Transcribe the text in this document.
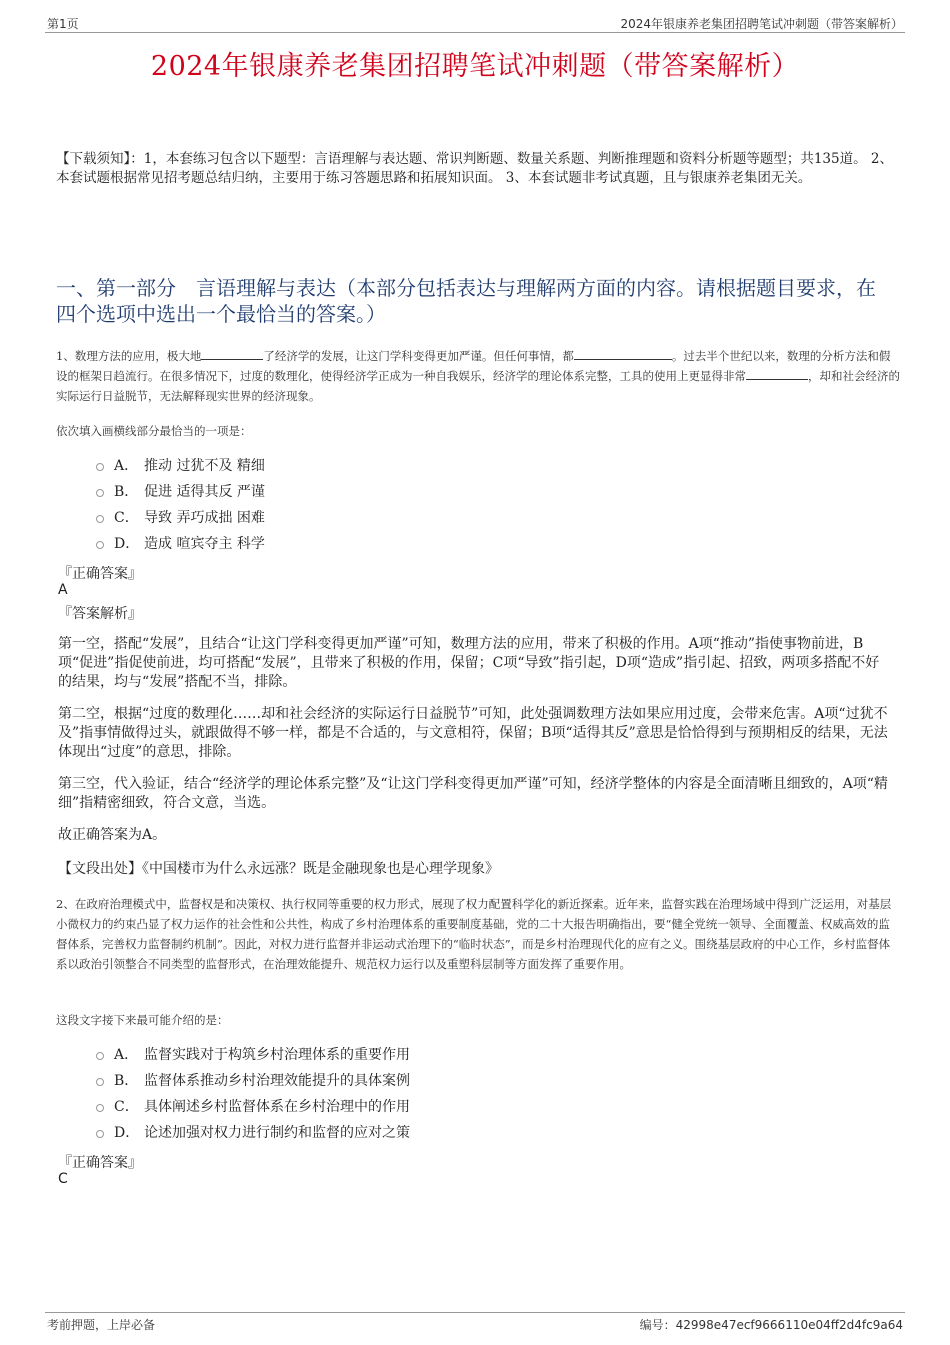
第1页	2024年银康养老集团招聘笔试冲刺题（带答案解析）
2024年银康养老集团招聘笔试冲刺题（带答案解析）
【下载须知】：1，本套练习包含以下题型：言语理解与表达题、常识判断题、数量关系题、判断推理题和资料分析题等题型；共135道。 2、本套试题根据常见招考题总结归纳，主要用于练习答题思路和拓展知识面。 3、本套试题非考试真题，且与银康养老集团无关。
一、第一部分　言语理解与表达（本部分包括表达与理解两方面的内容。请根据题目要求，在四个选项中选出一个最恰当的答案。）
1、数理方法的应用，极大地	了经济学的发展，让这门学科变得更加严谨。但任何事情，都	。过去半个世纪以来，数理的分析方法和假设的框架日趋流行。在很多情况下，过度的数理化，使得经济学正成为一种自我娱乐，经济学的理论体系完整，工具的使用上更显得非常	，却和社会经济的实际运行日益脱节，无法解释现实世界的经济现象。
依次填入画横线部分最恰当的一项是：
A． 推动 过犹不及 精细
B． 促进 适得其反 严谨
C． 导致 弄巧成拙 困难
D． 造成 喧宾夺主 科学
『正确答案』
A
『答案解析』
第一空，搭配“发展”，且结合“让这门学科变得更加严谨”可知，数理方法的应用，带来了积极的作用。A项“推动”指使事物前进，B项“促进”指促使前进，均可搭配“发展”，且带来了积极的作用，保留；C项“导致”指引起，D项“造成”指引起、招致，两项多搭配不好的结果，均与“发展”搭配不当，排除。
第二空，根据“过度的数理化……却和社会经济的实际运行日益脱节”可知，此处强调数理方法如果应用过度，会带来危害。A项“过犹不及”指事情做得过头，就跟做得不够一样，都是不合适的，与文意相符，保留；B项“适得其反”意思是恰恰得到与预期相反的结果，无法体现出“过度”的意思，排除。
第三空，代入验证，结合“经济学的理论体系完整”及“让这门学科变得更加严谨”可知，经济学整体的内容是全面清晰且细致的，A项“精细”指精密细致，符合文意，当选。
故正确答案为A。
【文段出处】《中国楼市为什么永远涨？既是金融现象也是心理学现象》
2、在政府治理模式中，监督权是和决策权、执行权同等重要的权力形式，展现了权力配置科学化的新近探索。近年来，监督实践在治理场域中得到广泛运用，对基层小微权力的约束凸显了权力运作的社会性和公共性，构成了乡村治理体系的重要制度基础，党的二十大报告明确指出，要“健全党统一领导、全面覆盖、权威高效的监督体系，完善权力监督制约机制”。因此，对权力进行监督并非运动式治理下的“临时状态”，而是乡村治理现代化的应有之义。围绕基层政府的中心工作，乡村监督体系以政治引领整合不同类型的监督形式，在治理效能提升、规范权力运行以及重塑科层制等方面发挥了重要作用。
这段文字接下来最可能介绍的是：
A． 监督实践对于构筑乡村治理体系的重要作用
B． 监督体系推动乡村治理效能提升的具体案例
C． 具体阐述乡村监督体系在乡村治理中的作用
D． 论述加强对权力进行制约和监督的应对之策
『正确答案』
C
考前押题，上岸必备	编号：42998e47ecf9666110e04ff2d4fc9a64
